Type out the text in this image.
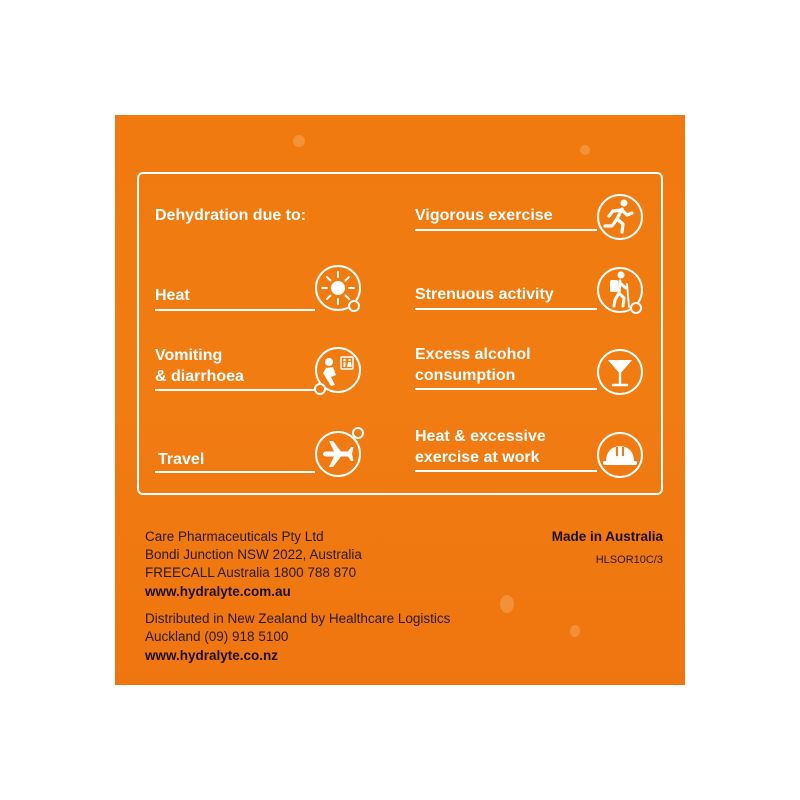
Dehydration due to:
Heat
Vomiting
& diarrhoea
Travel
Vigorous exercise
Strenuous activity
Excess alcohol
consumption
Heat & excessive
exercise at work
Care Pharmaceuticals Pty Ltd
Bondi Junction NSW 2022, Australia
FREECALL Australia 1800 788 870
www.hydralyte.com.au
Distributed in New Zealand by Healthcare Logistics
Auckland (09) 918 5100
www.hydralyte.co.nz
Made in Australia
HLSOR10C/3
